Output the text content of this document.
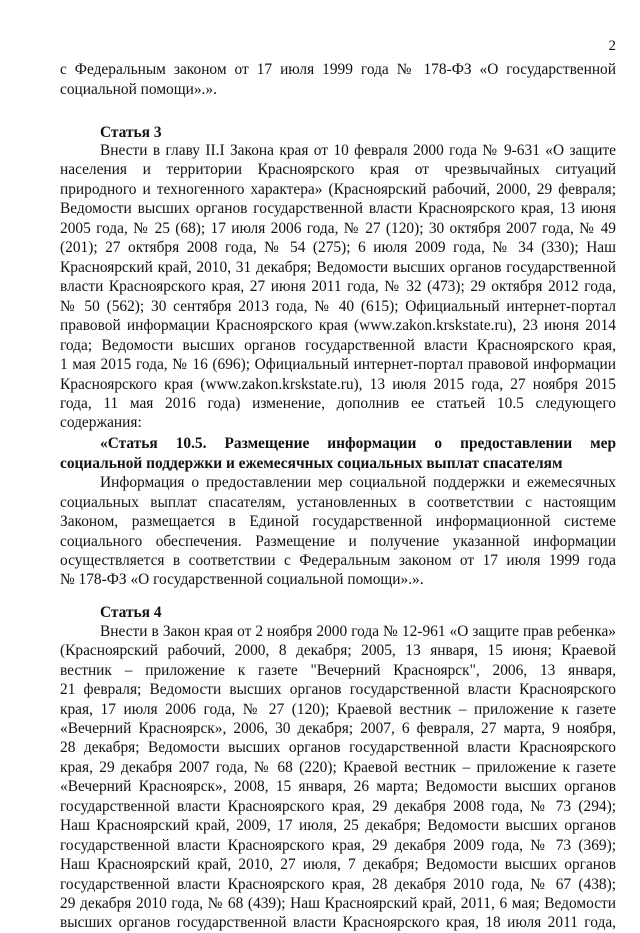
2
с Федеральным законом от 17 июля 1999 года № 178-ФЗ «О государственной
социальной помощи».».
Статья 3
Внести в главу II.I Закона края от 10 февраля 2000 года № 9-631 «О защите
населения и территории Красноярского края от чрезвычайных ситуаций
природного и техногенного характера» (Красноярский рабочий, 2000, 29 февраля;
Ведомости высших органов государственной власти Красноярского края, 13 июня
2005 года, № 25 (68); 17 июля 2006 года, № 27 (120); 30 октября 2007 года, № 49
(201); 27 октября 2008 года, № 54 (275); 6 июля 2009 года, № 34 (330); Наш
Красноярский край, 2010, 31 декабря; Ведомости высших органов государственной
власти Красноярского края, 27 июня 2011 года, № 32 (473); 29 октября 2012 года,
№ 50 (562); 30 сентября 2013 года, № 40 (615); Официальный интернет-портал
правовой информации Красноярского края (www.zakon.krskstate.ru), 23 июня 2014
года; Ведомости высших органов государственной власти Красноярского края,
1 мая 2015 года, № 16 (696); Официальный интернет-портал правовой информации
Красноярского края (www.zakon.krskstate.ru), 13 июля 2015 года, 27 ноября 2015
года, 11 мая 2016 года) изменение, дополнив ее статьей 10.5 следующего
содержания:
«Статья 10.5. Размещение информации о предоставлении мер
социальной поддержки и ежемесячных социальных выплат спасателям
Информация о предоставлении мер социальной поддержки и ежемесячных
социальных выплат спасателям, установленных в соответствии с настоящим
Законом, размещается в Единой государственной информационной системе
социального обеспечения. Размещение и получение указанной информации
осуществляется в соответствии с Федеральным законом от 17 июля 1999 года
№ 178-ФЗ «О государственной социальной помощи».».
Статья 4
Внести в Закон края от 2 ноября 2000 года № 12-961 «О защите прав ребенка»
(Красноярский рабочий, 2000, 8 декабря; 2005, 13 января, 15 июня; Краевой
вестник – приложение к газете "Вечерний Красноярск", 2006, 13 января,
21 февраля; Ведомости высших органов государственной власти Красноярского
края, 17 июля 2006 года, № 27 (120); Краевой вестник – приложение к газете
«Вечерний Красноярск», 2006, 30 декабря; 2007, 6 февраля, 27 марта, 9 ноября,
28 декабря; Ведомости высших органов государственной власти Красноярского
края, 29 декабря 2007 года, № 68 (220); Краевой вестник – приложение к газете
«Вечерний Красноярск», 2008, 15 января, 26 марта; Ведомости высших органов
государственной власти Красноярского края, 29 декабря 2008 года, № 73 (294);
Наш Красноярский край, 2009, 17 июля, 25 декабря; Ведомости высших органов
государственной власти Красноярского края, 29 декабря 2009 года, № 73 (369);
Наш Красноярский край, 2010, 27 июля, 7 декабря; Ведомости высших органов
государственной власти Красноярского края, 28 декабря 2010 года, № 67 (438);
29 декабря 2010 года, № 68 (439); Наш Красноярский край, 2011, 6 мая; Ведомости
высших органов государственной власти Красноярского края, 18 июля 2011 года,
